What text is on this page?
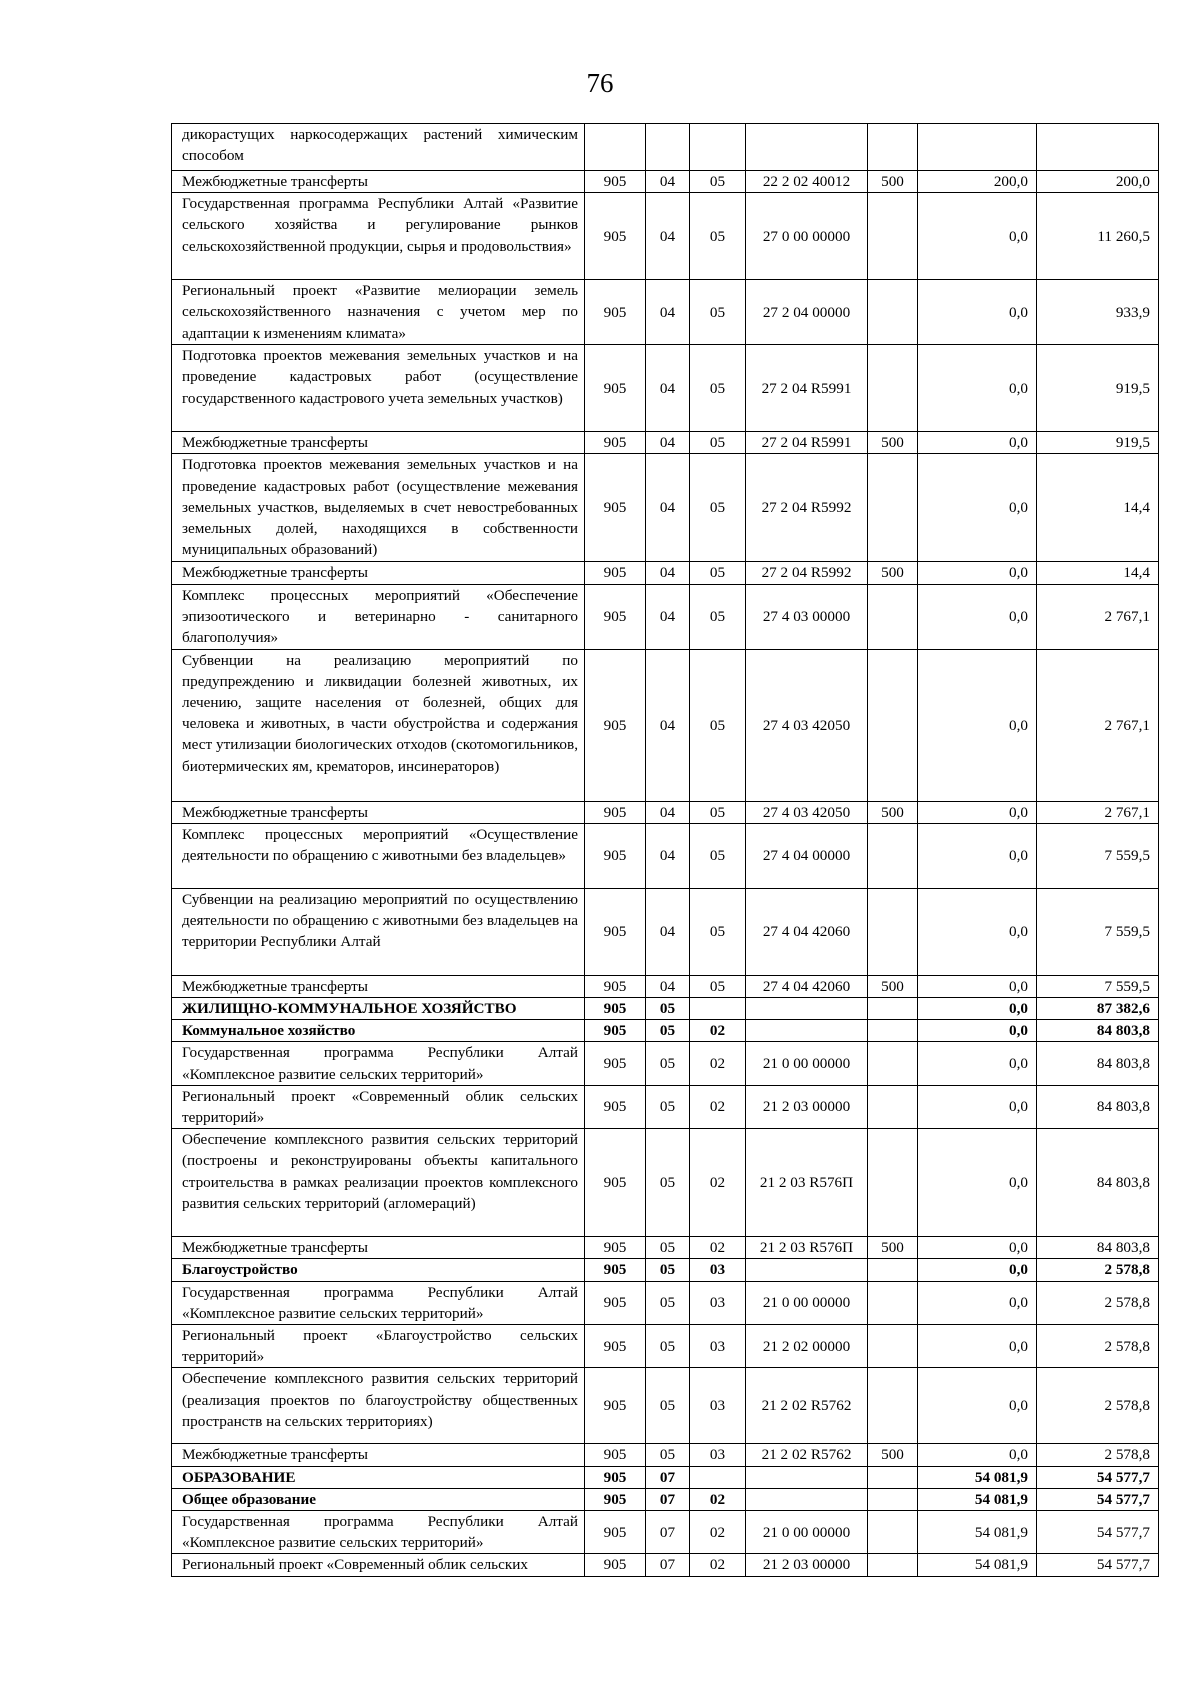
76
дикорастущих наркосодержащих растений химическим способом							
Межбюджетные трансферты	905	04	05	22 2 02 40012	500	200,0	200,0
Государственная программа Республики Алтай «Развитие сельского хозяйства и регулирование рынков сельскохозяйственной продукции, сырья и продовольствия»	905	04	05	27 0 00 00000		0,0	11 260,5
Региональный проект «Развитие мелиорации земель сельскохозяйственного назначения с учетом мер по адаптации к изменениям климата»	905	04	05	27 2 04 00000		0,0	933,9
Подготовка проектов межевания земельных участков и на проведение кадастровых работ (осуществление государственного кадастрового учета земельных участков)	905	04	05	27 2 04 R5991		0,0	919,5
Межбюджетные трансферты	905	04	05	27 2 04 R5991	500	0,0	919,5
Подготовка проектов межевания земельных участков и на проведение кадастровых работ (осуществление межевания земельных участков, выделяемых в счет невостребованных земельных долей, находящихся в собственности муниципальных образований)	905	04	05	27 2 04 R5992		0,0	14,4
Межбюджетные трансферты	905	04	05	27 2 04 R5992	500	0,0	14,4
Комплекс процессных мероприятий «Обеспечение эпизоотического и ветеринарно - санитарного благополучия»	905	04	05	27 4 03 00000		0,0	2 767,1
Субвенции на реализацию мероприятий по предупреждению и ликвидации болезней животных, их лечению, защите населения от болезней, общих для человека и животных, в части обустройства и содержания мест утилизации биологических отходов (скотомогильников, биотермических ям, крематоров, инсинераторов)	905	04	05	27 4 03 42050		0,0	2 767,1
Межбюджетные трансферты	905	04	05	27 4 03 42050	500	0,0	2 767,1
Комплекс процессных мероприятий «Осуществление деятельности по обращению с животными без владельцев»	905	04	05	27 4 04 00000		0,0	7 559,5
Субвенции на реализацию мероприятий по осуществлению деятельности по обращению с животными без владельцев на территории Республики Алтай	905	04	05	27 4 04 42060		0,0	7 559,5
Межбюджетные трансферты	905	04	05	27 4 04 42060	500	0,0	7 559,5
ЖИЛИЩНО-КОММУНАЛЬНОЕ ХОЗЯЙСТВО	905	05				0,0	87 382,6
Коммунальное хозяйство	905	05	02			0,0	84 803,8
Государственная программа Республики Алтай «Комплексное развитие сельских территорий»	905	05	02	21 0 00 00000		0,0	84 803,8
Региональный проект «Современный облик сельских территорий»	905	05	02	21 2 03 00000		0,0	84 803,8
Обеспечение комплексного развития сельских территорий (построены и реконструированы объекты капитального строительства в рамках реализации проектов комплексного развития сельских территорий (агломераций)	905	05	02	21 2 03 R576П		0,0	84 803,8
Межбюджетные трансферты	905	05	02	21 2 03 R576П	500	0,0	84 803,8
Благоустройство	905	05	03			0,0	2 578,8
Государственная программа Республики Алтай «Комплексное развитие сельских территорий»	905	05	03	21 0 00 00000		0,0	2 578,8
Региональный проект «Благоустройство сельских территорий»	905	05	03	21 2 02 00000		0,0	2 578,8
Обеспечение комплексного развития сельских территорий (реализация проектов по благоустройству общественных пространств на сельских территориях)	905	05	03	21 2 02 R5762		0,0	2 578,8
Межбюджетные трансферты	905	05	03	21 2 02 R5762	500	0,0	2 578,8
ОБРАЗОВАНИЕ	905	07				54 081,9	54 577,7
Общее образование	905	07	02			54 081,9	54 577,7
Государственная программа Республики Алтай «Комплексное развитие сельских территорий»	905	07	02	21 0 00 00000		54 081,9	54 577,7
Региональный проект «Современный облик сельских	905	07	02	21 2 03 00000		54 081,9	54 577,7
